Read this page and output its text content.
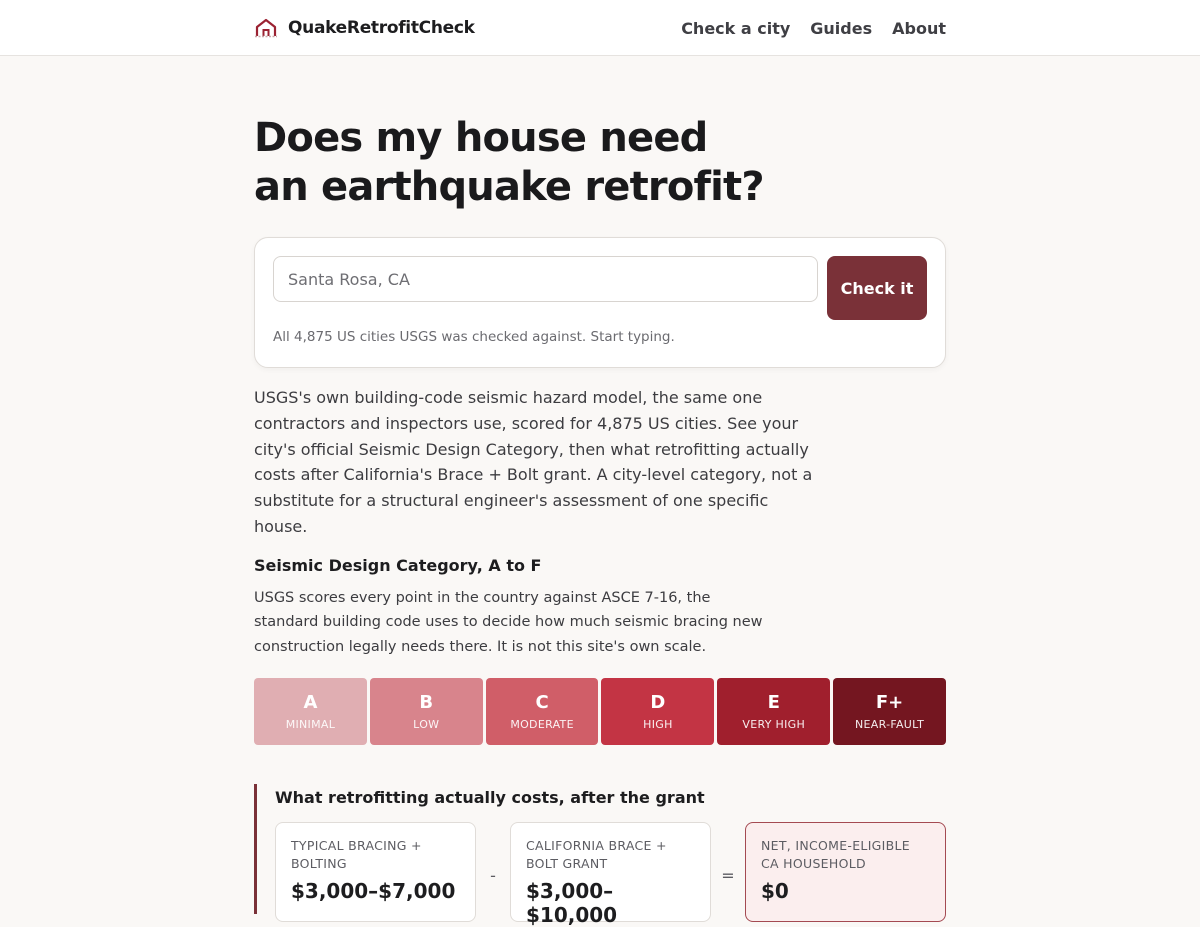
QuakeRetrofitCheck	Check a city Guides About
Does my house need
an earthquake retrofit?
Santa Rosa, CA
Check it

All 4,875 US cities USGS was checked against. Start typing.

USGS's own building-code seismic hazard model, the same one contractors and inspectors use, scored for 4,875 US cities. See your city's official Seismic Design Category, then what retrofitting actually costs after California's Brace + Bolt grant. A city-level category, not a substitute for a structural engineer's assessment of one specific house.

Seismic Design Category, A to F

USGS scores every point in the country against ASCE 7-16, the standard building code uses to decide how much seismic bracing new construction legally needs there. It is not this site's own scale.

A
MINIMAL
B
LOW
C
MODERATE
D
HIGH
E
VERY HIGH
F+
NEAR-FAULT
What retrofitting actually costs, after the grant
TYPICAL BRACING + BOLTING
$3,000–$7,000
-
CALIFORNIA BRACE + BOLT GRANT
$3,000–$10,000
=
NET, INCOME-ELIGIBLE CA HOUSEHOLD
$0
